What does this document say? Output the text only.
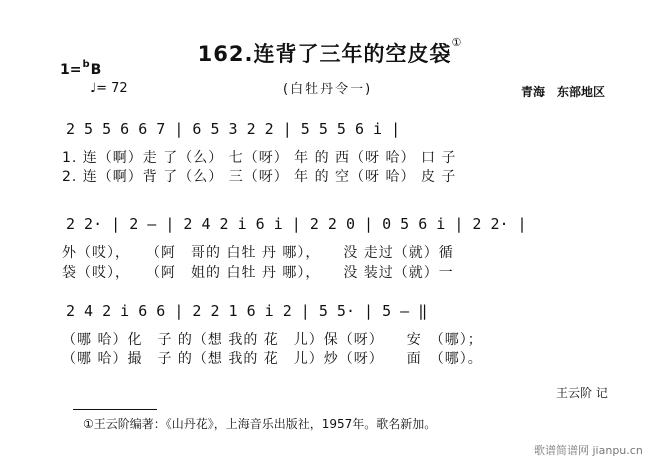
162.连背了三年的空皮袋①
1=$^b$B
♩= 72	(白牡丹令一)	青海　东部地区
2 5 5 6 6 7 | 6 5 3 2 2 | 5 5 5 6 i |
1. 连（啊）走 了（么） 七（呀） 年 的 西（呀 哈） 口 子
2. 连（啊）背 了（么） 三（呀） 年 的 空（呀 哈） 皮 子
2 2· | 2 – | 2 4 2 i 6 i | 2 2 0 | 0 5 6 i | 2 2· |
外（哎），　　（阿　哥的 白牡 丹 哪），　　没 走过（就）循
袋（哎），　　（阿　姐的 白牡 丹 哪），　　没 装过（就）一
2 4 2 i 6 6 | 2 2 1 6 i 2 | 5 5· | 5 – ‖
（哪 哈）化　子 的（想 我的 花　儿）保（呀）　　安　（哪）；
（哪 哈）撮　子 的（想 我的 花　儿）炒（呀）　　面　（哪）。
王云阶 记
①王云阶编著：《山丹花》，上海音乐出版社，1957年。歌名新加。
歌谱简谱网 jianpu.cn
